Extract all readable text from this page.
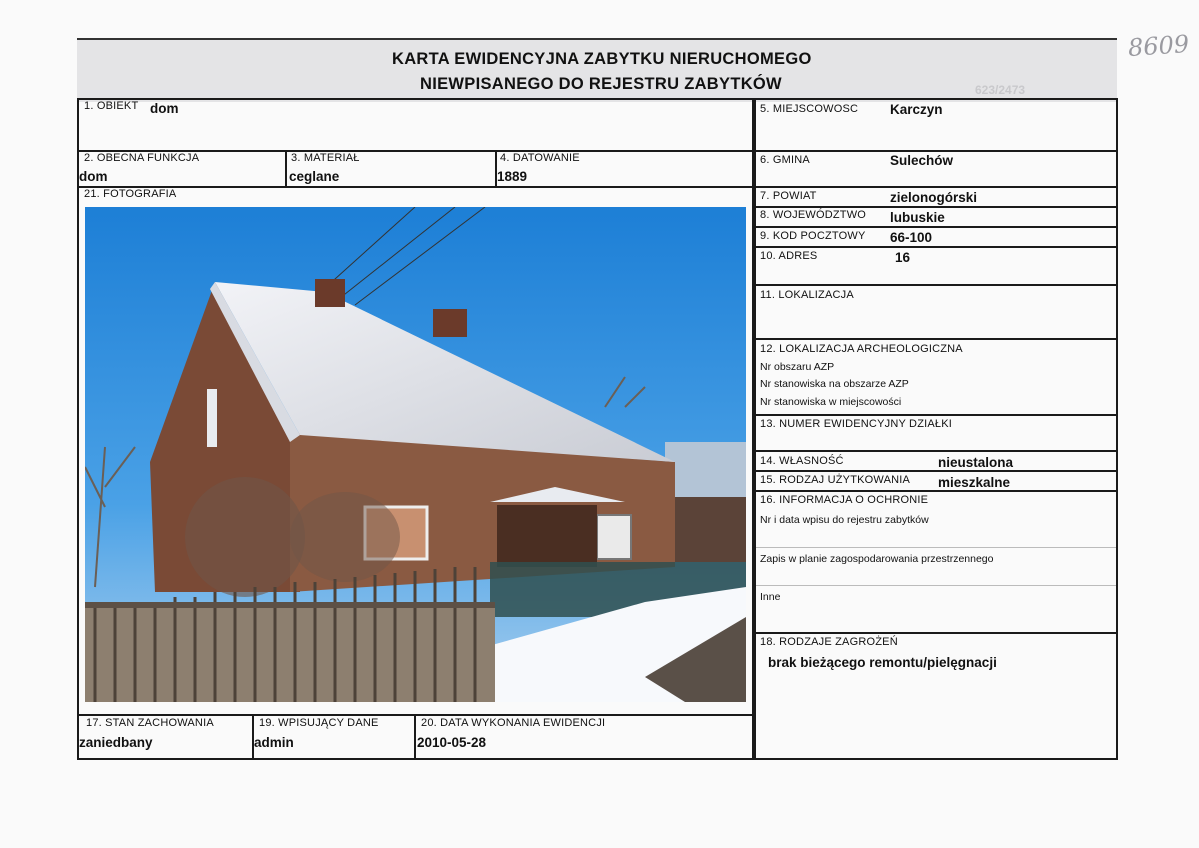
KARTA EWIDENCYJNA ZABYTKU NIERUCHOMEGO
NIEWPISANEGO DO REJESTRU ZABYTKÓW	623/2473
8609
1. OBIEKT dom
2. OBECNA FUNKCJA
dom
3. MATERIAŁ
ceglane
4. DATOWANIE
1889
21. FOTOGRAFIA
17. STAN ZACHOWANIA
zaniedbany
19. WPISUJĄCY DANE
admin
20. DATA WYKONANIA EWIDENCJI
2010-05-28
5. MIEJSCOWOSC Karczyn
6. GMINA	Sulechów
7. POWIAT	zielonogórski
8. WOJEWÓDZTWO lubuskie
9. KOD POCZTOWY 66-100
10. ADRES	16
11. LOKALIZACJA
12. LOKALIZACJA ARCHEOLOGICZNA
Nr obszaru AZP
Nr stanowiska na obszarze AZP
Nr stanowiska w miejscowości
13. NUMER EWIDENCYJNY DZIAŁKI
14. WŁASNOŚĆ	nieustalona
15. RODZAJ UŻYTKOWANIA mieszkalne
16. INFORMACJA O OCHRONIE
Nr i data wpisu do rejestru zabytków
Zapis w planie zagospodarowania przestrzennego
Inne
18. RODZAJE ZAGROŻEŃ
brak bieżącego remontu/pielęgnacji
